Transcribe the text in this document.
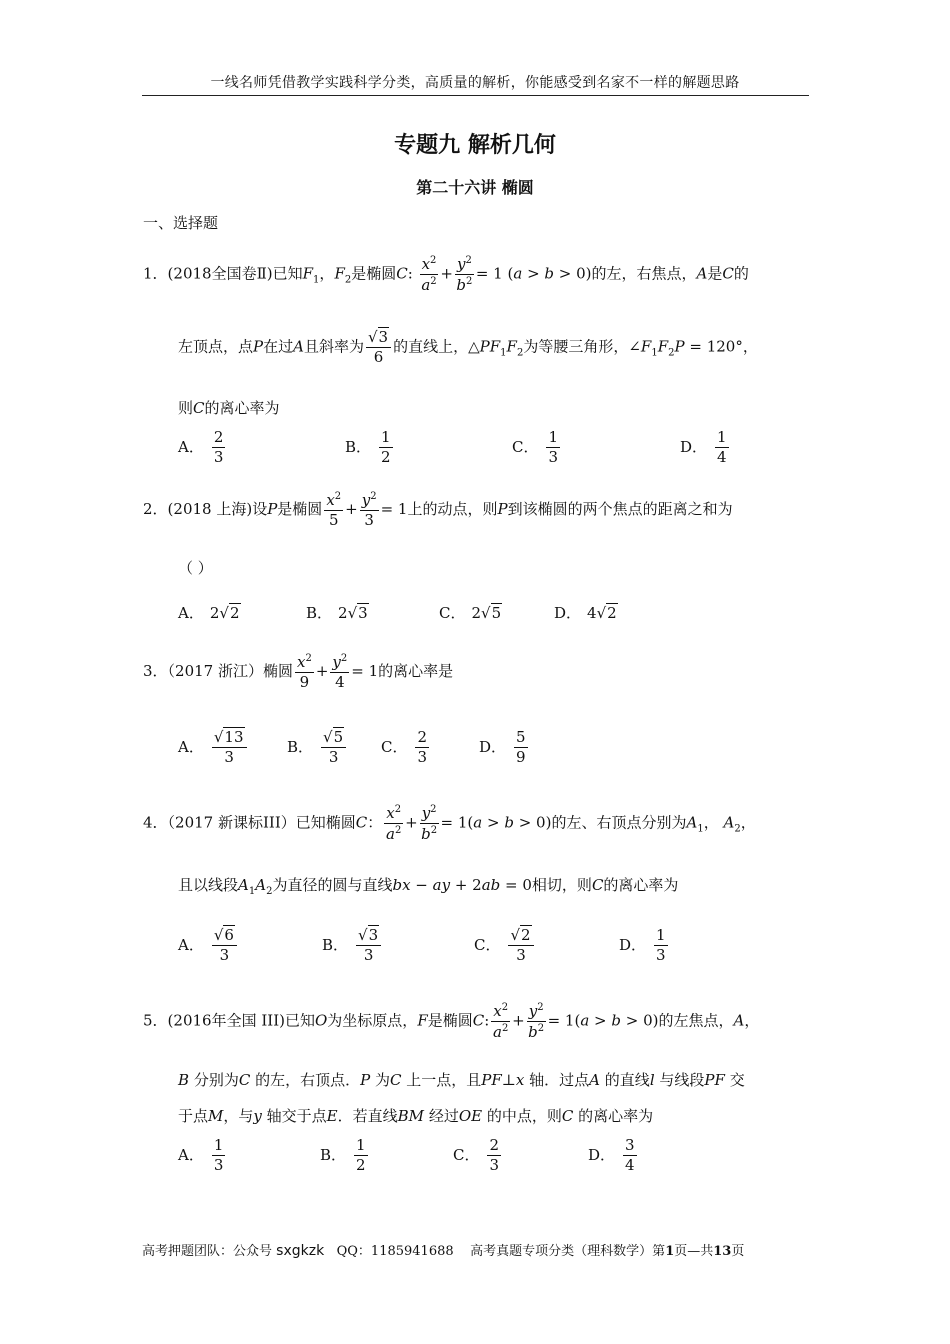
一线名师凭借教学实践科学分类，高质量的解析，你能感受到名家不一样的解题思路
专题九 解析几何
第二十六讲 椭圆
一、选择题
1．(2018全国卷Ⅱ)已知$F_1$，$F_2$是椭圆C: $\frac{x^2}{a^2} + \frac{y^2}{b^2} = 1$ (a > b > 0)的左，右焦点，A是C的
左顶点，点P在过A且斜率为 $\frac{√3}{6}$ 的直线上，$\triangle PF_1F_2$为等腰三角形，$\angle F_1F_2P = 120^\circ$，
则C的离心率为
A． $\frac{2}{3}$	B． $\frac{1}{2}$	C． $\frac{1}{3}$	D． $\frac{1}{4}$
2．(2018 上海)设P是椭圆 $\frac{x^2}{5} + \frac{y^2}{3} = 1$上的动点，则P到该椭圆的两个焦点的距离之和为
（ ）
A． 2 √2	B． 2 √3	C． 2 √5	D． 4 √2
3．（2017 浙江）椭圆 $\frac{x^2}{9} + \frac{y^2}{4} = 1$的离心率是
A． $\frac{√13}{3}$	B． $\frac{√5}{3}$ C． $\frac{2}{3}$	D． $\frac{5}{9}$
4．（2017 新课标III）已知椭圆C： $\frac{x^2}{a^2} + \frac{y^2}{b^2} = 1(a > b > 0)$的左、右顶点分别为$A_1$， $A_2$，
且以线段$A_1A_2$为直径的圆与直线bx − ay + 2ab = 0相切，则C的离心率为
A． $\frac{√6}{3}$	B． $\frac{√3}{3}$	C． $\frac{√2}{3}$	D． $\frac{1}{3}$
5．(2016年全国 III)已知O为坐标原点，F是椭圆C: $\frac{x^2}{a^2} + \frac{y^2}{b^2} = 1(a > b > 0)$的左焦点，A，
B 分别为C 的左，右顶点．P 为C 上一点，且PF⊥x 轴．过点A 的直线l 与线段PF 交
于点M，与y 轴交于点E．若直线BM 经过OE 的中点，则C 的离心率为
A． $\frac{1}{3}$	B． $\frac{1}{2}$	C． $\frac{2}{3}$	D． $\frac{3}{4}$
高考押题团队：公众号 sxgkzk QQ：1185941688 高考真题专项分类（理科数学）第1页—共13页
